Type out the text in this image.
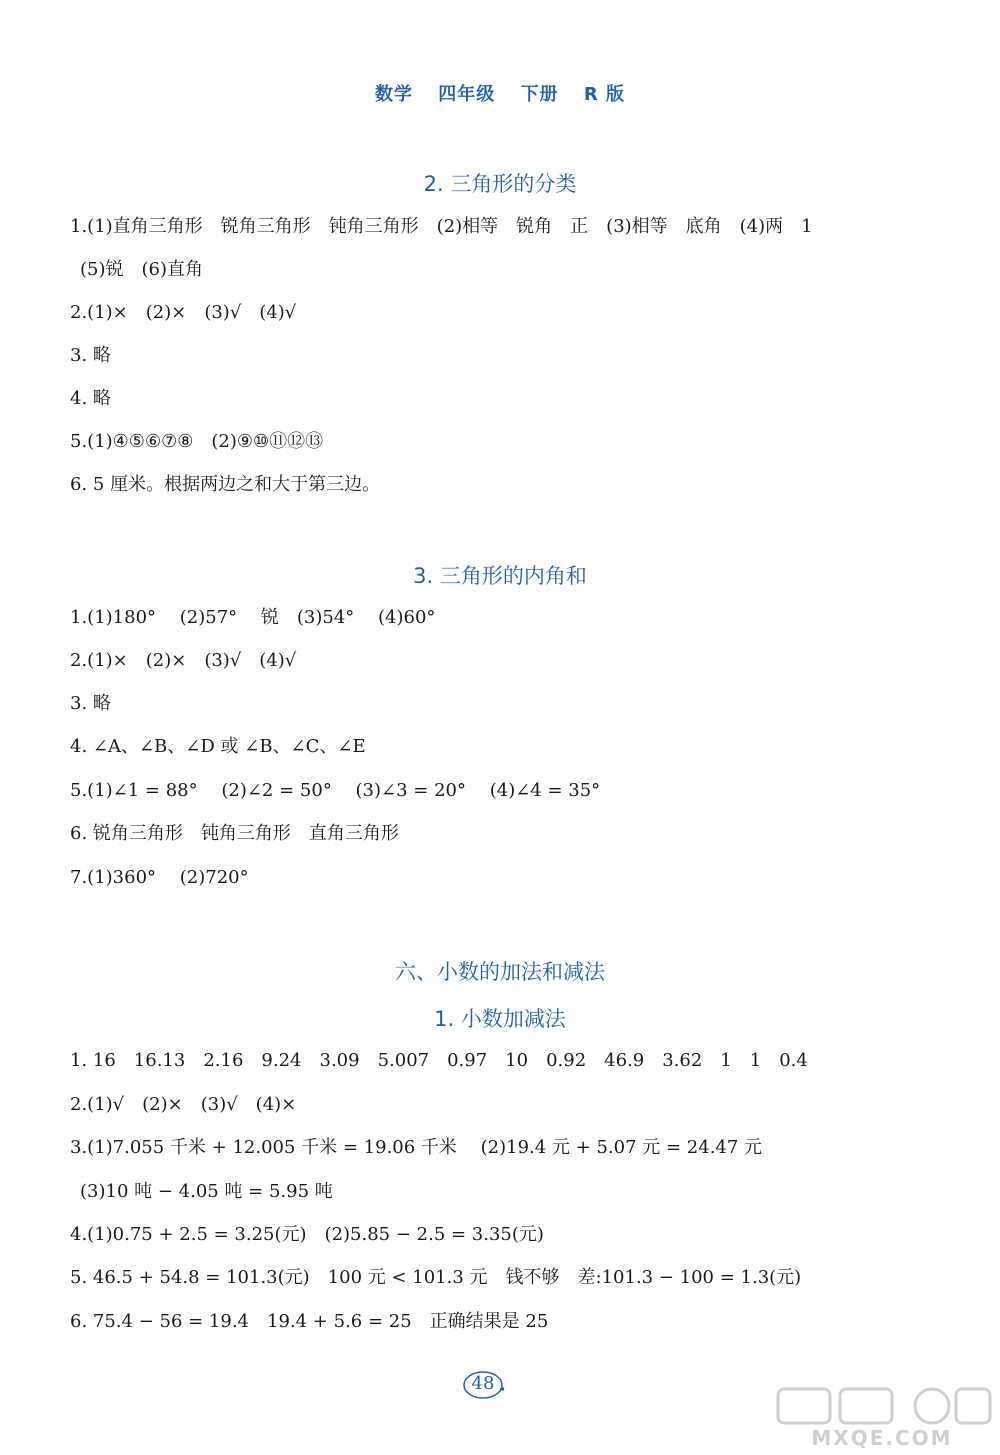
数学 四年级 下册 R 版
2. 三角形的分类
1.(1)直角三角形　锐角三角形　钝角三角形　(2)相等　锐角　正　(3)相等　底角　(4)两　1
(5)锐　(6)直角
2.(1)×　(2)×　(3)√　(4)√
3. 略
4. 略
5.(1)④⑤⑥⑦⑧　(2)⑨⑩⑪⑫⑬
6. 5 厘米。根据两边之和大于第三边。
3. 三角形的内角和
1.(1)180°　 (2)57°　 锐　(3)54°　 (4)60°
2.(1)×　(2)×　(3)√　(4)√
3. 略
4. ∠A、∠B、∠D 或 ∠B、∠C、∠E
5.(1)∠1 = 88°　 (2)∠2 = 50°　 (3)∠3 = 20°　 (4)∠4 = 35°
6. 锐角三角形　钝角三角形　直角三角形
7.(1)360°　 (2)720°
六、小数的加法和减法
1. 小数加减法
1. 16　16.13　2.16　9.24　3.09　5.007　0.97　10　0.92　46.9　3.62　1　1　0.4
2.(1)√　(2)×　(3)√　(4)×
3.(1)7.055 千米 + 12.005 千米 = 19.06 千米　 (2)19.4 元 + 5.07 元 = 24.47 元
(3)10 吨 − 4.05 吨 = 5.95 吨
4.(1)0.75 + 2.5 = 3.25(元)　(2)5.85 − 2.5 = 3.35(元)
5. 46.5 + 54.8 = 101.3(元)　100 元 < 101.3 元　钱不够　差:101.3 − 100 = 1.3(元)
6. 75.4 − 56 = 19.4　19.4 + 5.6 = 25　正确结果是 25
48
MXQE.COM
